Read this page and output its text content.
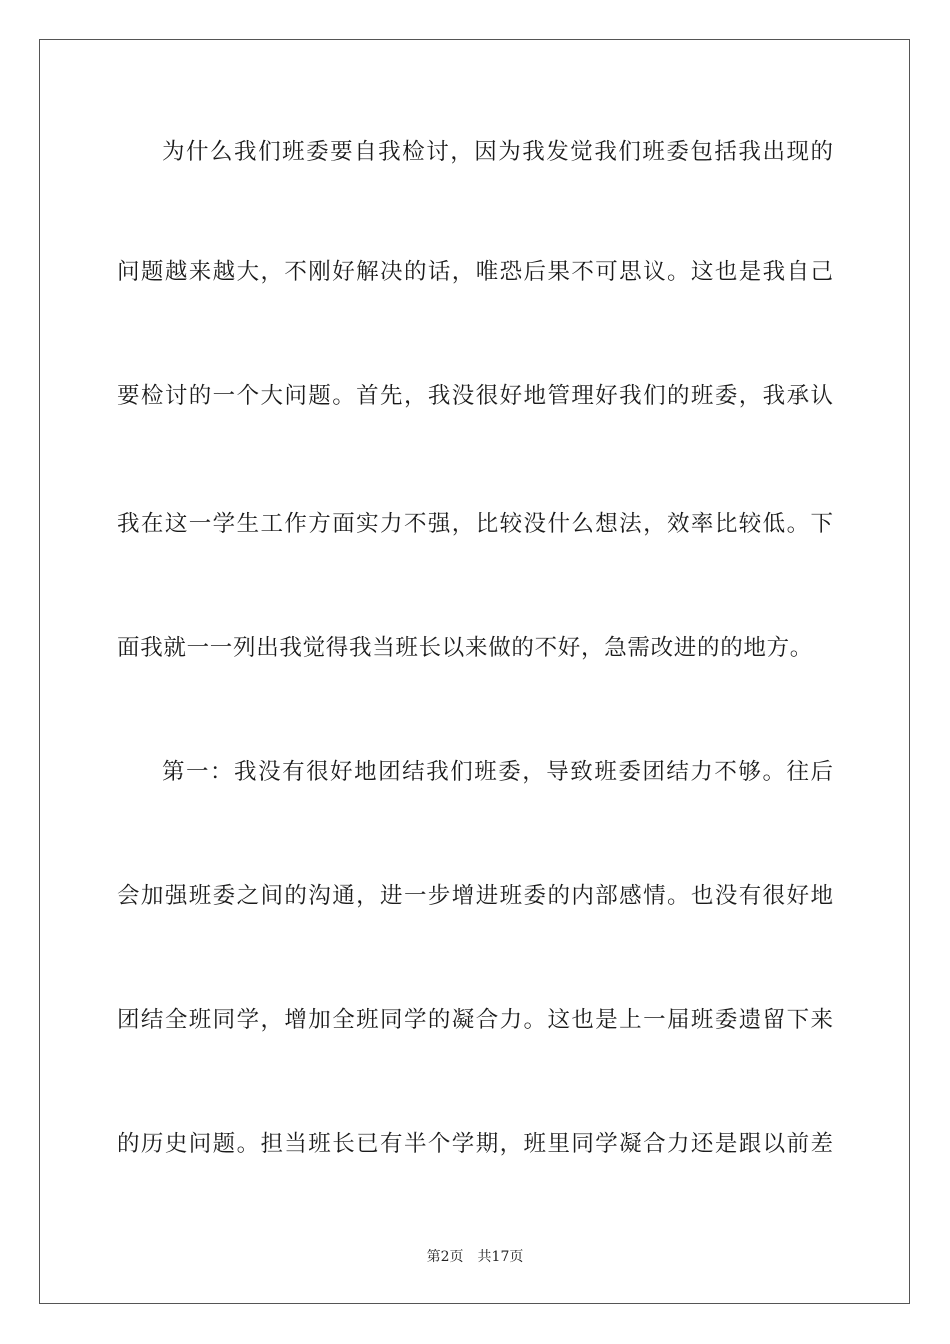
为什么我们班委要自我检讨，因为我发觉我们班委包括我出现的
问题越来越大，不刚好解决的话，唯恐后果不可思议。这也是我自己
要检讨的一个大问题。首先，我没很好地管理好我们的班委，我承认
我在这一学生工作方面实力不强，比较没什么想法，效率比较低。下
面我就一一列出我觉得我当班长以来做的不好，急需改进的的地方。
第一：我没有很好地团结我们班委，导致班委团结力不够。往后
会加强班委之间的沟通，进一步增进班委的内部感情。也没有很好地
团结全班同学，增加全班同学的凝合力。这也是上一届班委遗留下来
的历史问题。担当班长已有半个学期，班里同学凝合力还是跟以前差
第2页 共17页
